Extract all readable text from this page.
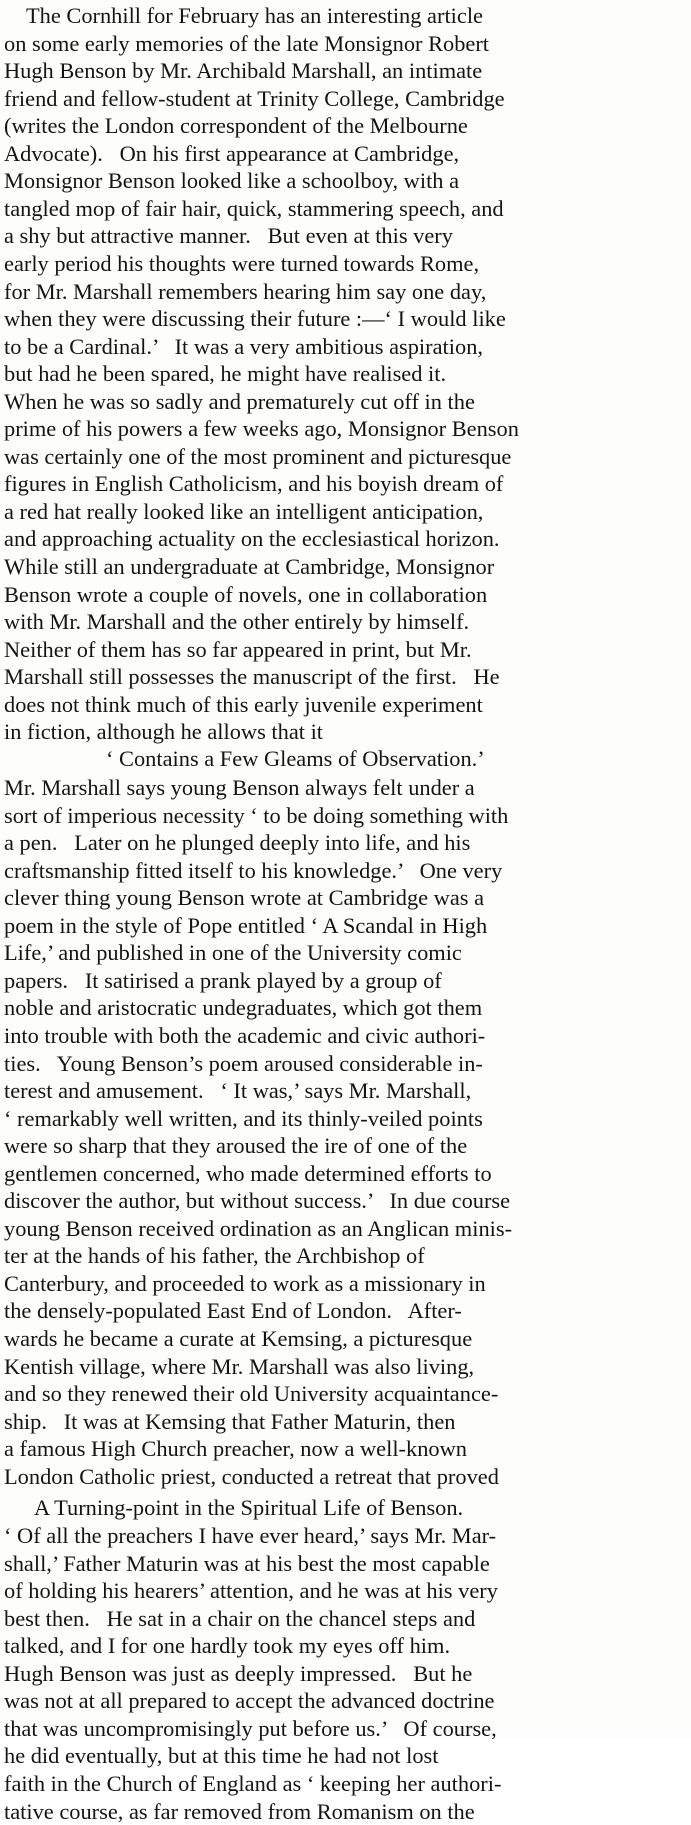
The Cornhill for February has an interesting article
on some early memories of the late Monsignor Robert
Hugh Benson by Mr. Archibald Marshall, an intimate
friend and fellow-student at Trinity College, Cambridge
(writes the London correspondent of the Melbourne
Advocate).   On his first appearance at Cambridge,
Monsignor Benson looked like a schoolboy, with a
tangled mop of fair hair, quick, stammering speech, and
a shy but attractive manner.   But even at this very
early period his thoughts were turned towards Rome,
for Mr. Marshall remembers hearing him say one day,
when they were discussing their future :—‘ I would like
to be a Cardinal.’   It was a very ambitious aspiration,
but had he been spared, he might have realised it.
When he was so sadly and prematurely cut off in the
prime of his powers a few weeks ago, Monsignor Benson
was certainly one of the most prominent and picturesque
figures in English Catholicism, and his boyish dream of
a red hat really looked like an intelligent anticipation,
and approaching actuality on the ecclesiastical horizon.
While still an undergraduate at Cambridge, Monsignor
Benson wrote a couple of novels, one in collaboration
with Mr. Marshall and the other entirely by himself.
Neither of them has so far appeared in print, but Mr.
Marshall still possesses the manuscript of the first.   He
does not think much of this early juvenile experiment
in fiction, although he allows that it
‘ Contains a Few Gleams of Observation.’
Mr. Marshall says young Benson always felt under a
sort of imperious necessity ‘ to be doing something with
a pen.   Later on he plunged deeply into life, and his
craftsmanship fitted itself to his knowledge.’   One very
clever thing young Benson wrote at Cambridge was a
poem in the style of Pope entitled ‘ A Scandal in High
Life,’ and published in one of the University comic
papers.   It satirised a prank played by a group of
noble and aristocratic undegraduates, which got them
into trouble with both the academic and civic authori-
ties.   Young Benson’s poem aroused considerable in-
terest and amusement.   ‘ It was,’ says Mr. Marshall,
‘ remarkably well written, and its thinly-veiled points
were so sharp that they aroused the ire of one of the
gentlemen concerned, who made determined efforts to
discover the author, but without success.’   In due course
young Benson received ordination as an Anglican minis-
ter at the hands of his father, the Archbishop of
Canterbury, and proceeded to work as a missionary in
the densely-populated East End of London.   After-
wards he became a curate at Kemsing, a picturesque
Kentish village, where Mr. Marshall was also living,
and so they renewed their old University acquaintance-
ship.   It was at Kemsing that Father Maturin, then
a famous High Church preacher, now a well-known
London Catholic priest, conducted a retreat that proved
A Turning-point in the Spiritual Life of Benson.
‘ Of all the preachers I have ever heard,’ says Mr. Mar-
shall,’ Father Maturin was at his best the most capable
of holding his hearers’ attention, and he was at his very
best then.   He sat in a chair on the chancel steps and
talked, and I for one hardly took my eyes off him.
Hugh Benson was just as deeply impressed.   But he
was not at all prepared to accept the advanced doctrine
that was uncompromisingly put before us.’   Of course,
he did eventually, but at this time he had not lost
faith in the Church of England as ‘ keeping her authori-
tative course, as far removed from Romanism on the
